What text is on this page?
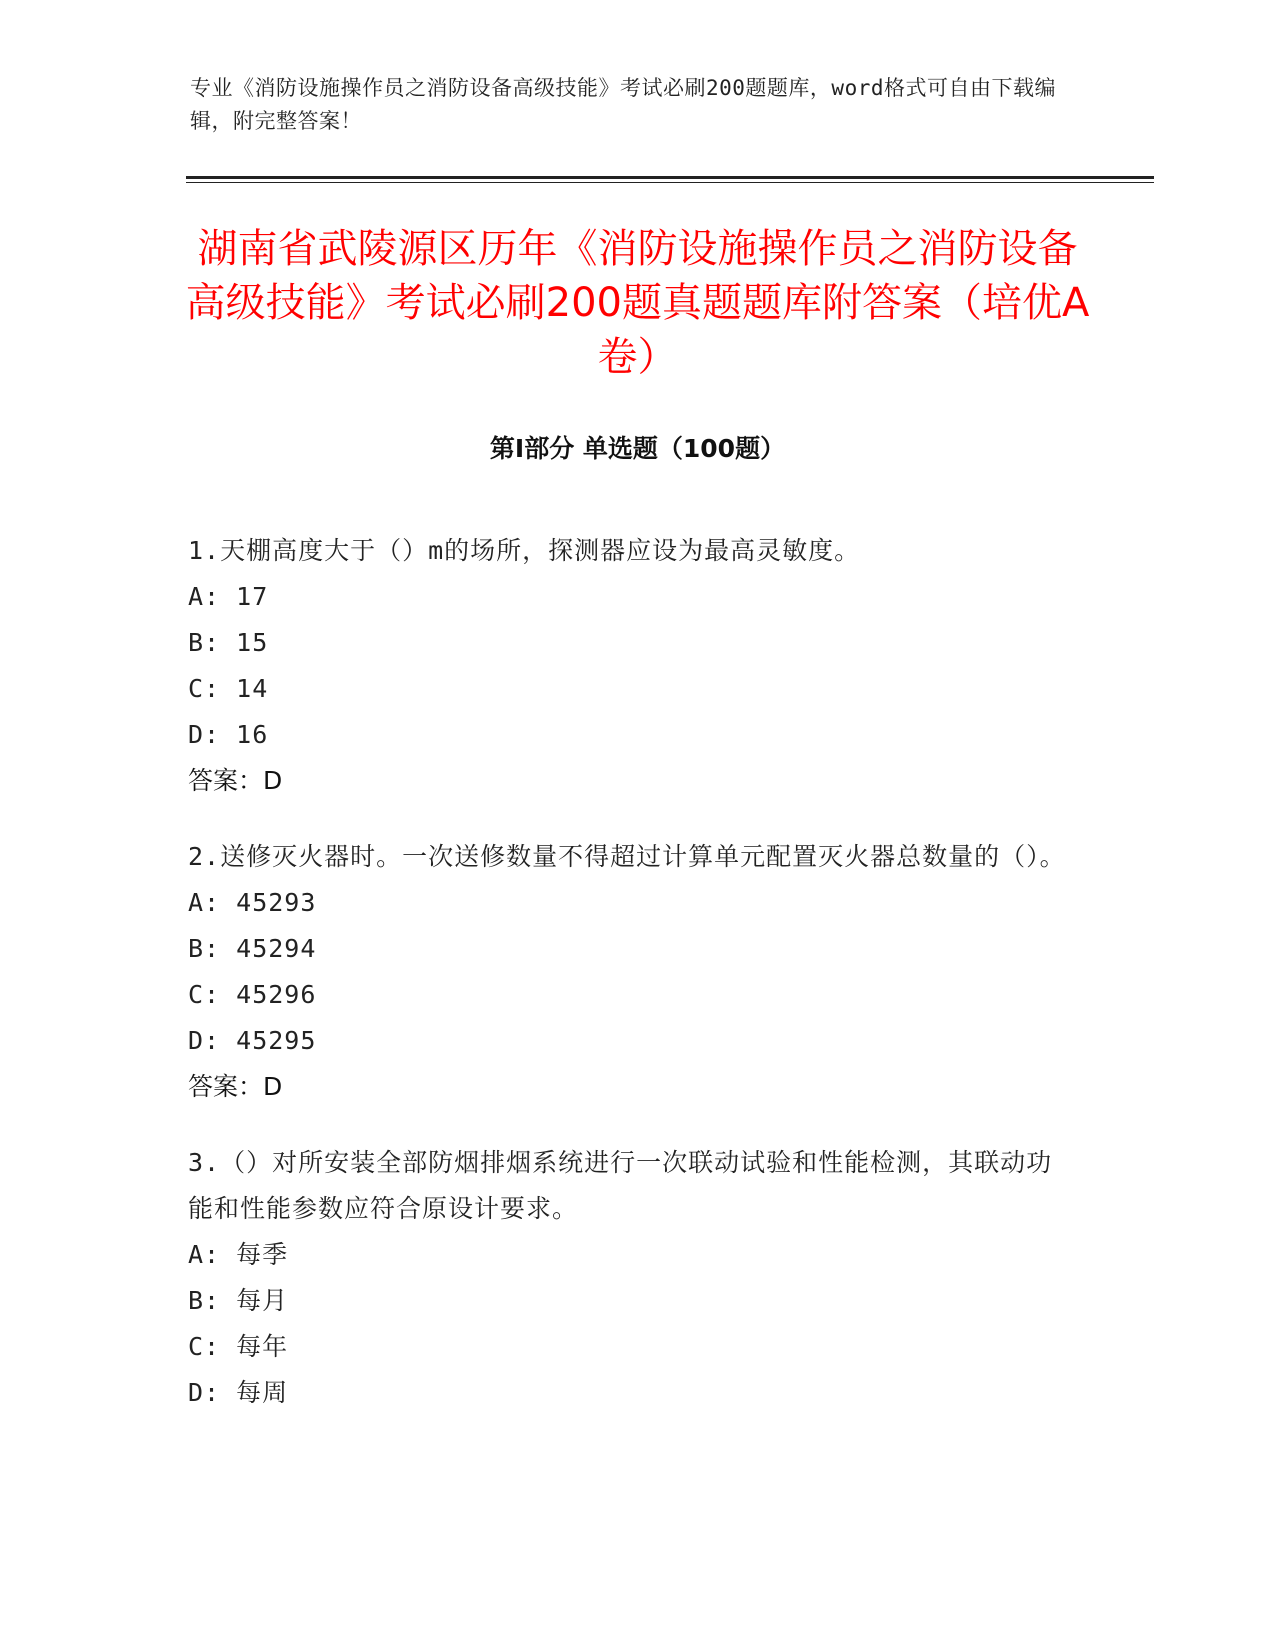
专业《消防设施操作员之消防设备高级技能》考试必刷200题题库，word格式可自由下载编辑，附完整答案！
湖南省武陵源区历年《消防设施操作员之消防设备高级技能》考试必刷200题真题题库附答案（培优A卷）
第Ⅰ部分 单选题（100题）

1.天棚高度大于（）m的场所，探测器应设为最高灵敏度。

A: 17

B: 15

C: 14

D: 16

答案：D

2.送修灭火器时。一次送修数量不得超过计算单元配置灭火器总数量的（）。

A: 45293

B: 45294

C: 45296

D: 45295

答案：D

3.（）对所安装全部防烟排烟系统进行一次联动试验和性能检测，其联动功能和性能参数应符合原设计要求。

A: 每季

B: 每月

C: 每年

D: 每周
